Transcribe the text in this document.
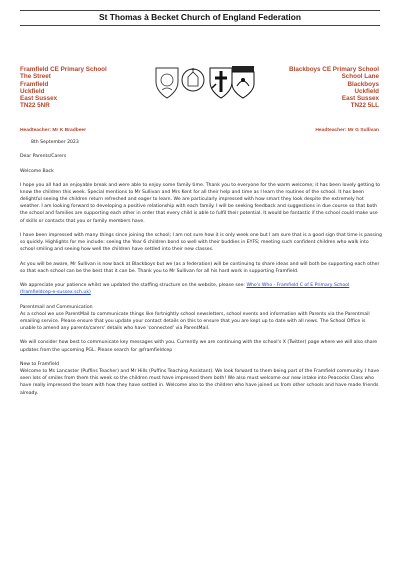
St Thomas à Becket Church of England Federation
Framfield CE Primary School
The Street
Framfield
Uckfield
East Sussex
TN22 5NR
Headteacher: Mr K Bradbeer
Blackboys CE Primary School
School Lane
Blackboys
Uckfield
East Sussex
TN22 5LL
Headteacher: Mr G Sullivan

8th September 2023

Dear Parents/Carers

Welcome Back

I hope you all had an enjoyable break and were able to enjoy some family time. Thank you to everyone for the warm welcome; it has been lovely getting to know the children this week. Special mentions to Mr Sullivan and Mrs Kent for all their help and time as I learn the routines of the school. It has been delightful seeing the children return refreshed and eager to learn. We are particularly impressed with how smart they look despite the extremely hot weather. I am looking forward to developing a positive relationship with each family. I will be seeking feedback and suggestions in due course so that both the school and families are supporting each other in order that every child is able to fulfil their potential. It would be fantastic if the school could make use of skills or contacts that you or family members have.

I have been impressed with many things since joining the school; I am not sure how it is only week one but I am sure that is a good sign that time is passing so quickly. Highlights for me include: seeing the Year 6 children bond so well with their buddies in EYFS; meeting such confident children who walk into school smiling and seeing how well the children have settled into their new classes.

As you will be aware, Mr Sullivan is now back at Blackboys but we (as a federation) will be continuing to share ideas and will both be supporting each other so that each school can be the best that it can be. Thank you to Mr Sullivan for all his hard work in supporting Framfield.

We appreciate your patience whilst we updated the staffing structure on the website, please see: Who's Who - Framfield C of E Primary School (framfieldcep-e-sussex.sch.uk)

Parentmail and Communication

As a school we use ParentMail to communicate things like fortnightly school newsletters, school events and information with Parents via the Parentmail emailing service. Please ensure that you update your contact details on this to ensure that you are kept up to date with all news. The School Office is unable to amend any parents/carers' details who have 'connected' via ParentMail.

We will consider how best to communicate key messages with you. Currently we are continuing with the school's X (Twitter) page where we will also share updates from the upcoming PGL. Please search for @framfieldcep

New to Framfield

Welcome to Ms Lancaster (Puffins Teacher) and Mr Hills (Puffins Teaching Assistant). We look forward to them being part of the Framfield community. I have seen lots of smiles from them this week so the children must have impressed them both! We also must welcome our new intake into Peacocks Class who have really impressed the team with how they have settled in. Welcome also to the children who have joined us from other schools and have made friends already.
